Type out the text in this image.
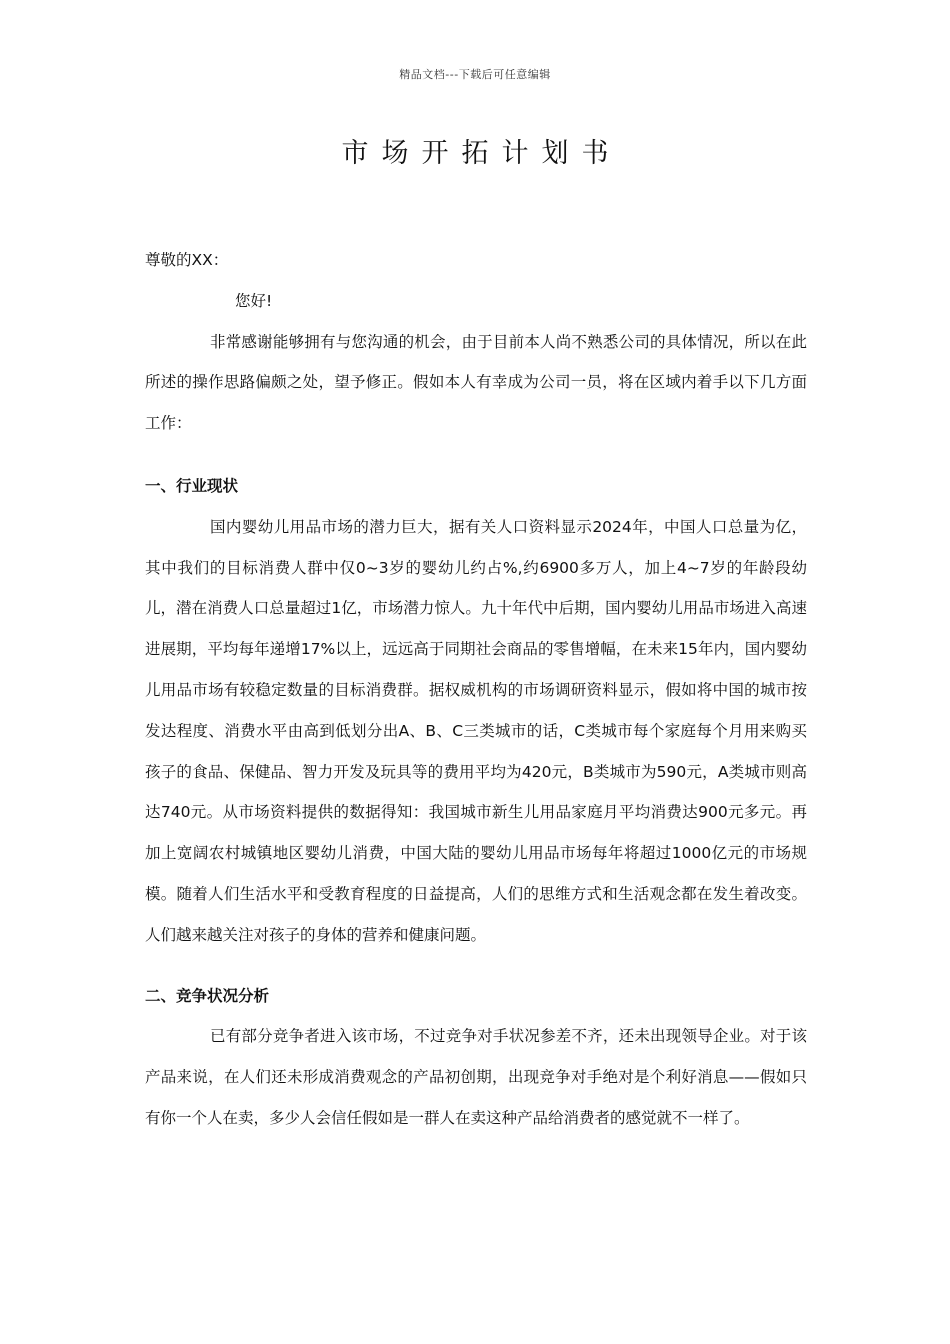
精品文档---下载后可任意编辑
市场开拓计划书

尊敬的XX：

您好!

非常感谢能够拥有与您沟通的机会，由于目前本人尚不熟悉公司的具体情况，所以在此所述的操作思路偏颇之处，望予修正。假如本人有幸成为公司一员，将在区域内着手以下几方面工作：

一、行业现状

国内婴幼儿用品市场的潜力巨大，据有关人口资料显示2024年，中国人口总量为亿，其中我们的目标消费人群中仅0~3岁的婴幼儿约占%,约6900多万人，加上4~7岁的年龄段幼儿，潜在消费人口总量超过1亿，市场潜力惊人。九十年代中后期，国内婴幼儿用品市场进入高速进展期，平均每年递增17%以上，远远高于同期社会商品的零售增幅，在未来15年内，国内婴幼儿用品市场有较稳定数量的目标消费群。据权威机构的市场调研资料显示，假如将中国的城市按发达程度、消费水平由高到低划分出A、B、C三类城市的话，C类城市每个家庭每个月用来购买孩子的食品、保健品、智力开发及玩具等的费用平均为420元，B类城市为590元，A类城市则高达740元。从市场资料提供的数据得知：我国城市新生儿用品家庭月平均消费达900元多元。再加上宽阔农村城镇地区婴幼儿消费，中国大陆的婴幼儿用品市场每年将超过1000亿元的市场规模。随着人们生活水平和受教育程度的日益提高，人们的思维方式和生活观念都在发生着改变。人们越来越关注对孩子的身体的营养和健康问题。

二、竞争状况分析

已有部分竞争者进入该市场，不过竞争对手状况参差不齐，还未出现领导企业。对于该产品来说，在人们还未形成消费观念的产品初创期，出现竞争对手绝对是个利好消息——假如只有你一个人在卖，多少人会信任假如是一群人在卖这种产品给消费者的感觉就不一样了。
